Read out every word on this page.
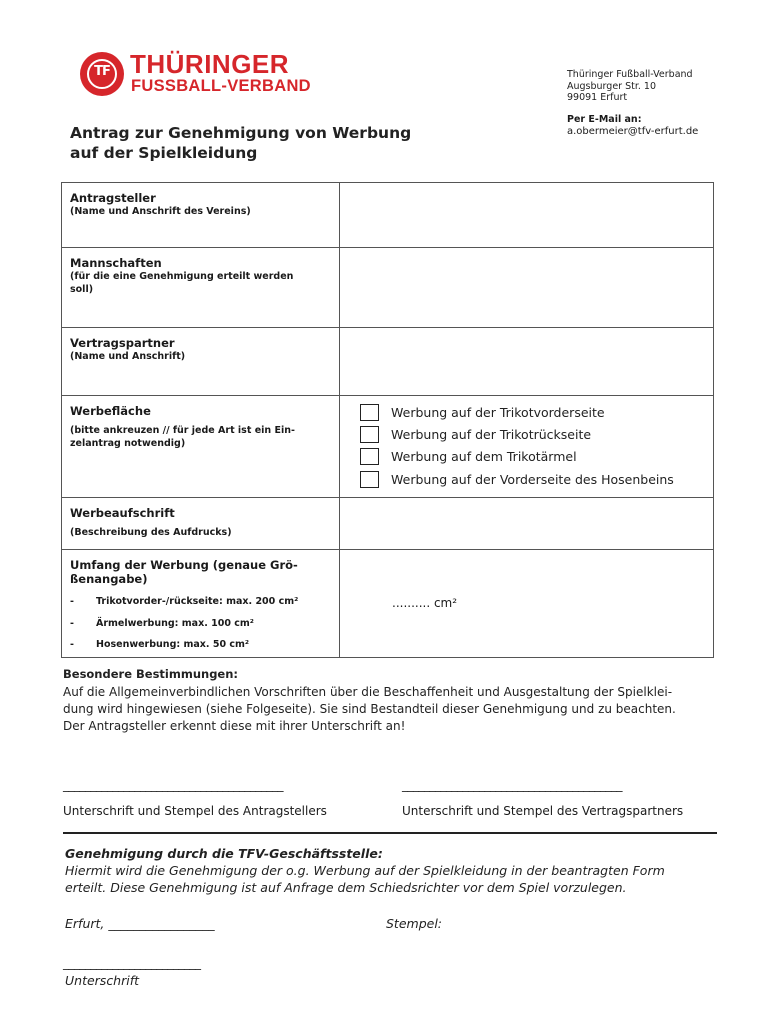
TF THÜRINGER
FUSSBALL-VERBAND
Thüringer Fußball-Verband
Augsburger Str. 10
99091 Erfurt
Per E-Mail an:
a.obermeier@tfv-erfurt.de
Antrag zur Genehmigung von Werbung
auf der Spielkleidung
Antragsteller
(Name und Anschrift des Vereins)
Mannschaften
(für die eine Genehmigung erteilt werden
soll)
Vertragspartner
(Name und Anschrift)
Werbefläche
(bitte ankreuzen // für jede Art ist ein Ein-
zelantrag notwendig)
Werbung auf der Trikotvorderseite
Werbung auf der Trikotrückseite
Werbung auf dem Trikotärmel
Werbung auf der Vorderseite des Hosenbeins
Werbeaufschrift
(Beschreibung des Aufdrucks)
Umfang der Werbung (genaue Grö-
ßenangabe)
- Trikotvorder-/rückseite: max. 200 cm²
- Ärmelwerbung: max. 100 cm²
- Hosenwerbung: max. 50 cm²
.......... cm²
Besondere Bestimmungen:
Auf die Allgemeinverbindlichen Vorschriften über die Beschaffenheit und Ausgestaltung der Spielklei-
dung wird hingewiesen (siehe Folgeseite). Sie sind Bestandteil dieser Genehmigung und zu beachten.
Der Antragsteller erkennt diese mit ihrer Unterschrift an!
________________________________________	________________________________________
Unterschrift und Stempel des Antragstellers	Unterschrift und Stempel des Vertragspartners
Genehmigung durch die TFV-Geschäftsstelle:
Hiermit wird die Genehmigung der o.g. Werbung auf der Spielkleidung in der beantragten Form
erteilt. Diese Genehmigung ist auf Anfrage dem Schiedsrichter vor dem Spiel vorzulegen.
Erfurt, _________________	Stempel:
_________________________
Unterschrift
